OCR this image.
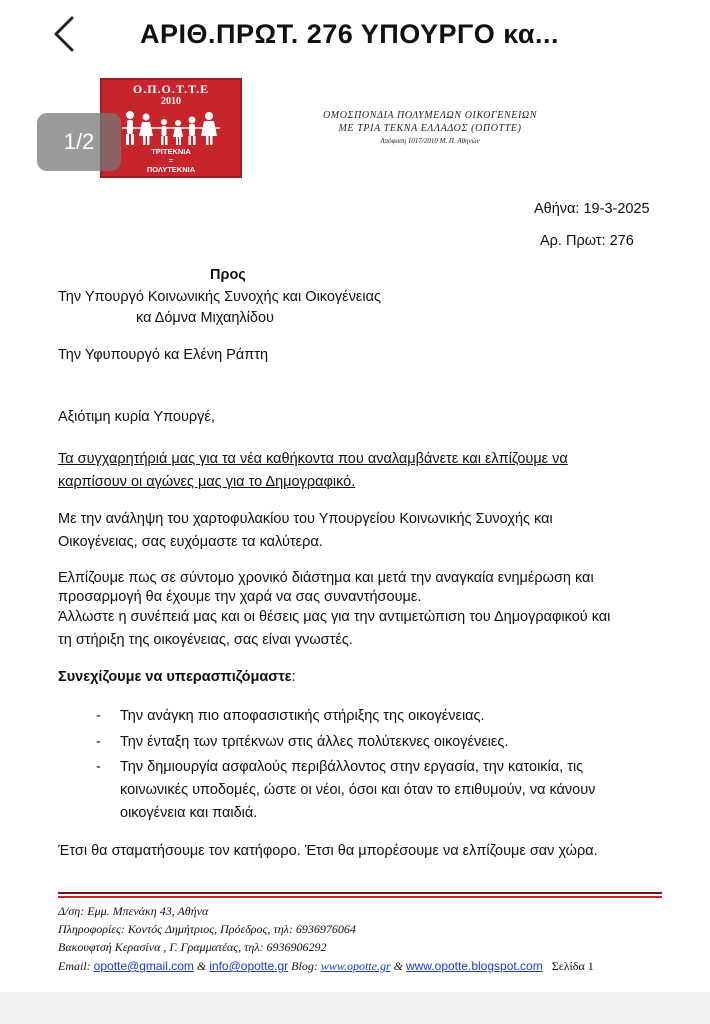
ΑΡΙΘ.ΠΡΩΤ. 276 ΥΠΟΥΡΓΟ κα...
1/2
Ο.Π.Ο.Τ.Τ.Ε
2010
ΤΡΙΤΕΚΝΙΑ
=
ΠΟΛΥΤΕΚΝΙΑ
ΟΜΟΣΠΟΝΔΙΑ ΠΟΛΥΜΕΛΩΝ ΟΙΚΟΓΕΝΕΙΩΝ
ΜΕ ΤΡΙΑ ΤΕΚΝΑ ΕΛΛΑΔΟΣ (ΟΠΟΤΤΕ)
Απόφαση 1017/2010 Μ. Π. Αθηνών
Αθήνα: 19-3-2025
Αρ. Πρωτ: 276
Προς
Την Υπουργό Κοινωνικής Συνοχής και Οικογένειας
κα Δόμνα Μιχαηλίδου
Την Υφυπουργό κα Ελένη Ράπτη
Αξιότιμη κυρία Υπουργέ,
Τα συγχαρητήριά μας για τα νέα καθήκοντα που αναλαμβάνετε και ελπίζουμε να
καρπίσουν οι αγώνες μας για το Δημογραφικό.
Με την ανάληψη του χαρτοφυλακίου του Υπουργείου Κοινωνικής Συνοχής και
Οικογένειας, σας ευχόμαστε τα καλύτερα.
Ελπίζουμε πως σε σύντομο χρονικό διάστημα και μετά την αναγκαία ενημέρωση και
προσαρμογή θα έχουμε την χαρά να σας συναντήσουμε.
Άλλωστε η συνέπειά μας και οι θέσεις μας για την αντιμετώπιση του Δημογραφικού και
τη στήριξη της οικογένειας, σας είναι γνωστές.
Συνεχίζουμε να υπερασπιζόμαστε:
- Την ανάγκη πιο αποφασιστικής στήριξης της οικογένειας.
- Την ένταξη των τριτέκνων στις άλλες πολύτεκνες οικογένειες.
- Την δημιουργία ασφαλούς περιβάλλοντος στην εργασία, την κατοικία, τις
κοινωνικές υποδομές, ώστε οι νέοι, όσοι και όταν το επιθυμούν, να κάνουν
οικογένεια και παιδιά.
Έτσι θα σταματήσουμε τον κατήφορο. Έτσι θα μπορέσουμε να ελπίζουμε σαν χώρα.
Δ/ση: Εμμ. Μπενάκη 43, Αθήνα
Πληροφορίες: Κοντός Δημήτριος, Πρόεδρος, τηλ: 6936976064
Βακουφτσή Κερασίνα , Γ. Γραμματέας, τηλ: 6936906292
Email: opotte@gmail.com & info@opotte.gr Blog: www.opotte.gr & www.opotte.blogspot.com Σελίδα 1
